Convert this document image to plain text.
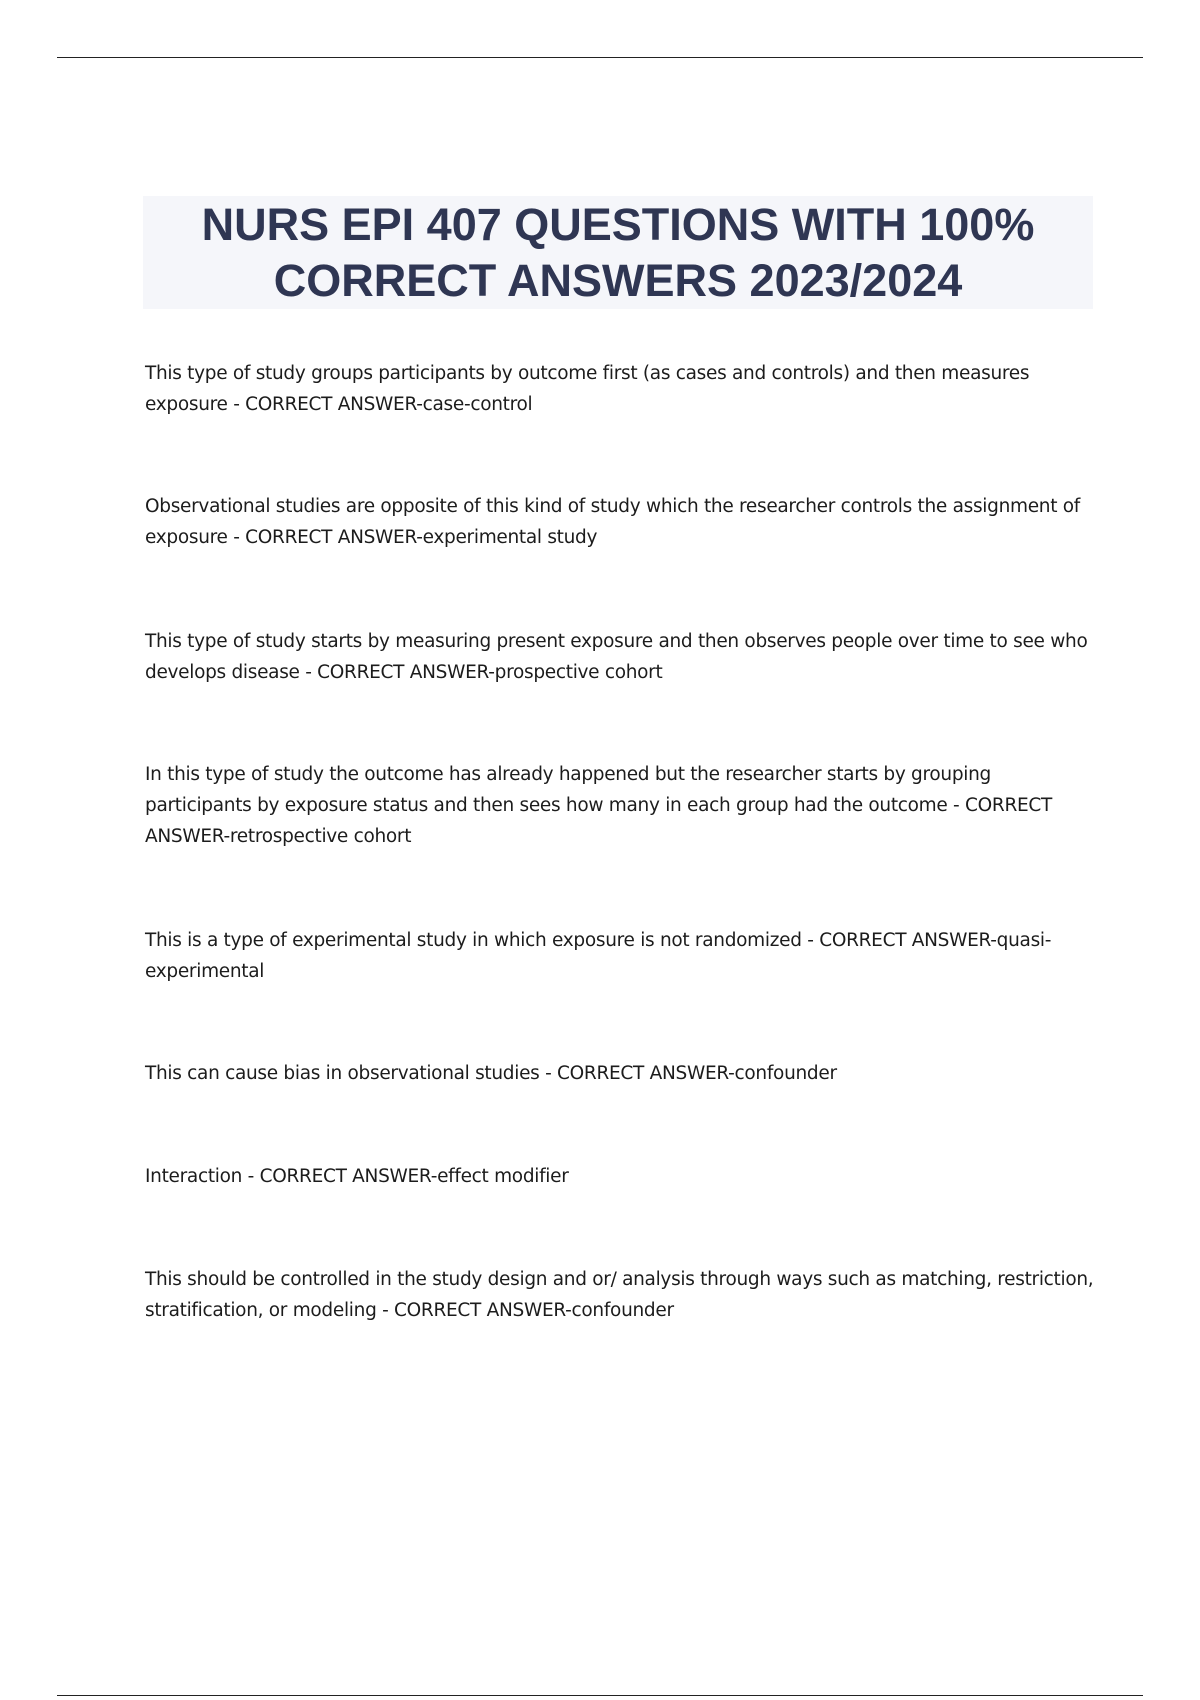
NURS EPI 407 QUESTIONS WITH 100%
CORRECT ANSWERS 2023/2024
This type of study groups participants by outcome first (as cases and controls) and then measures exposure - CORRECT ANSWER-case-control
Observational studies are opposite of this kind of study which the researcher controls the assignment of exposure - CORRECT ANSWER-experimental study
This type of study starts by measuring present exposure and then observes people over time to see who develops disease - CORRECT ANSWER-prospective cohort
In this type of study the outcome has already happened but the researcher starts by grouping participants by exposure status and then sees how many in each group had the outcome - CORRECT ANSWER-retrospective cohort
This is a type of experimental study in which exposure is not randomized - CORRECT ANSWER-quasi-experimental
This can cause bias in observational studies - CORRECT ANSWER-confounder
Interaction - CORRECT ANSWER-effect modifier
This should be controlled in the study design and or/ analysis through ways such as matching, restriction, stratification, or modeling - CORRECT ANSWER-confounder
